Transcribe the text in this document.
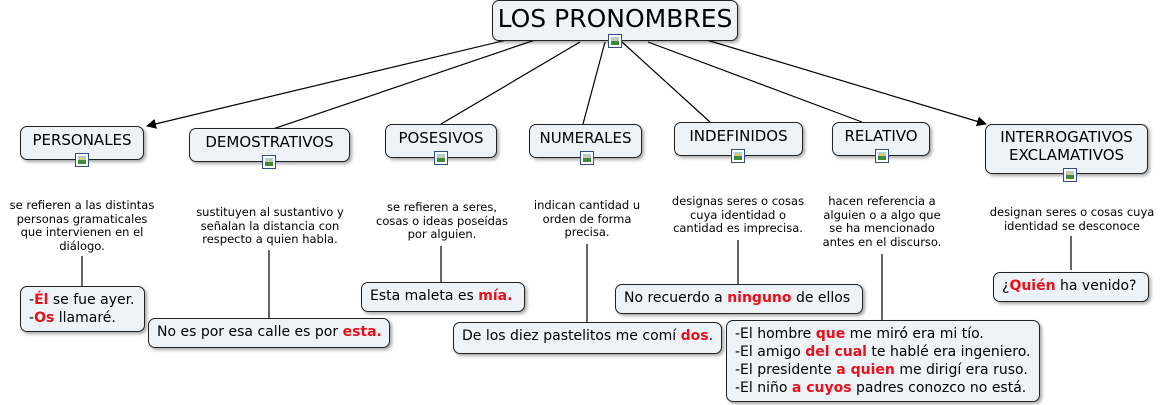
LOS PRONOMBRES
PERSONALES	DEMOSTRATIVOS	POSESIVOS	NUMERALES	INDEFINIDOS	RELATIVO	INTERROGATIVOS EXCLAMATIVOS
se refieren a las distintas personas gramaticales que intervienen en el diálogo.
sustituyen al sustantivo y señalan la distancia con respecto a quien habla.
se refieren a seres, cosas o ideas poseídas por alguien.
indican cantidad u orden de forma precisa.
designas seres o cosas cuya identidad o cantidad es imprecisa.
hacen referencia a alguien o a algo que se ha mencionado antes en el discurso.
designan seres o cosas cuya identidad se desconoce
-Él se fue ayer.
-Os llamaré.
No es por esa calle es por esta.
Esta maleta es mía.
De los diez pastelitos me comí dos.
No recuerdo a ninguno de ellos
-El hombre que me miró era mi tío.
-El amigo del cual te hablé era ingeniero.
-El presidente a quien me dirigí era ruso.
-El niño a cuyos padres conozco no está.
¿Quién ha venido?
